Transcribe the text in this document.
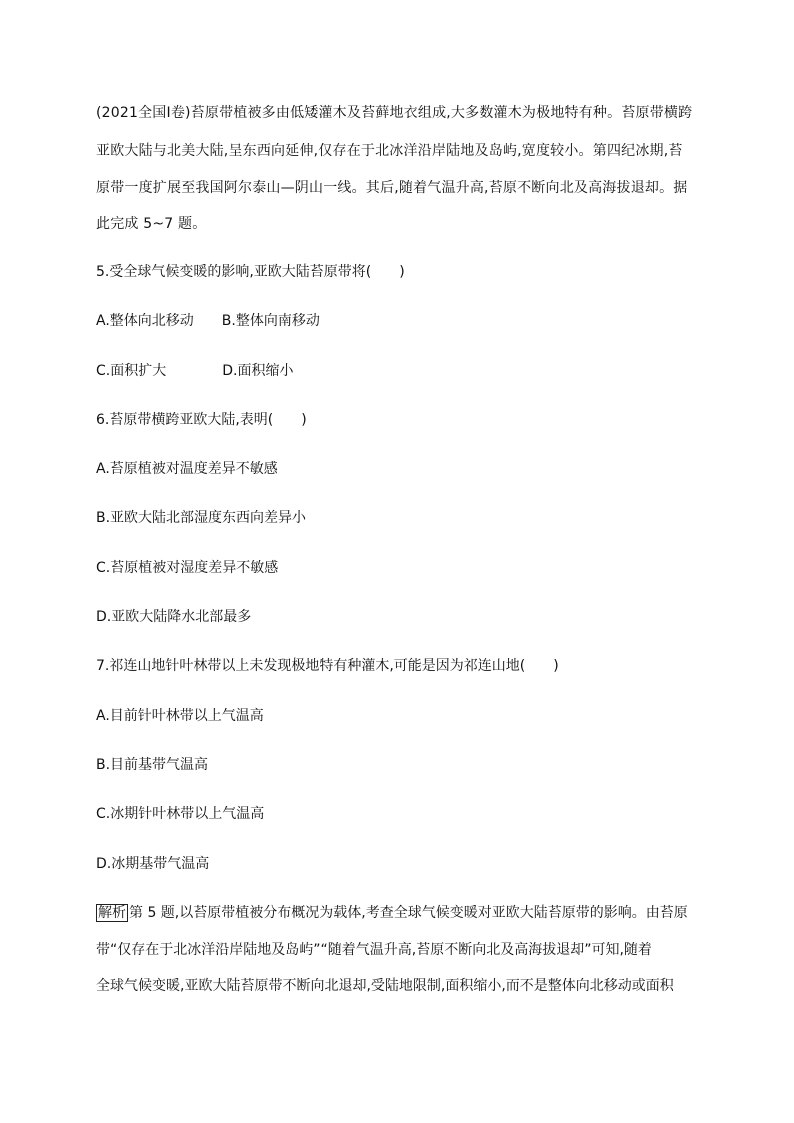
(2021全国Ⅰ卷)苔原带植被多由低矮灌木及苔藓地衣组成,大多数灌木为极地特有种。苔原带横跨
亚欧大陆与北美大陆,呈东西向延伸,仅存在于北冰洋沿岸陆地及岛屿,宽度较小。第四纪冰期,苔
原带一度扩展至我国阿尔泰山—阴山一线。其后,随着气温升高,苔原不断向北及高海拔退却。据
此完成 5~7 题。
5.受全球气候变暖的影响,亚欧大陆苔原带将(　　)
A.整体向北移动　　B.整体向南移动
C.面积扩大　　　　D.面积缩小
6.苔原带横跨亚欧大陆,表明(　　)
A.苔原植被对温度差异不敏感
B.亚欧大陆北部湿度东西向差异小
C.苔原植被对湿度差异不敏感
D.亚欧大陆降水北部最多
7.祁连山地针叶林带以上未发现极地特有种灌木,可能是因为祁连山地(　　)
A.目前针叶林带以上气温高
B.目前基带气温高
C.冰期针叶林带以上气温高
D.冰期基带气温高
解析 第 5 题,以苔原带植被分布概况为载体,考查全球气候变暖对亚欧大陆苔原带的影响。由苔原
带“仅存在于北冰洋沿岸陆地及岛屿”“随着气温升高,苔原不断向北及高海拔退却”可知,随着
全球气候变暖,亚欧大陆苔原带不断向北退却,受陆地限制,面积缩小,而不是整体向北移动或面积
